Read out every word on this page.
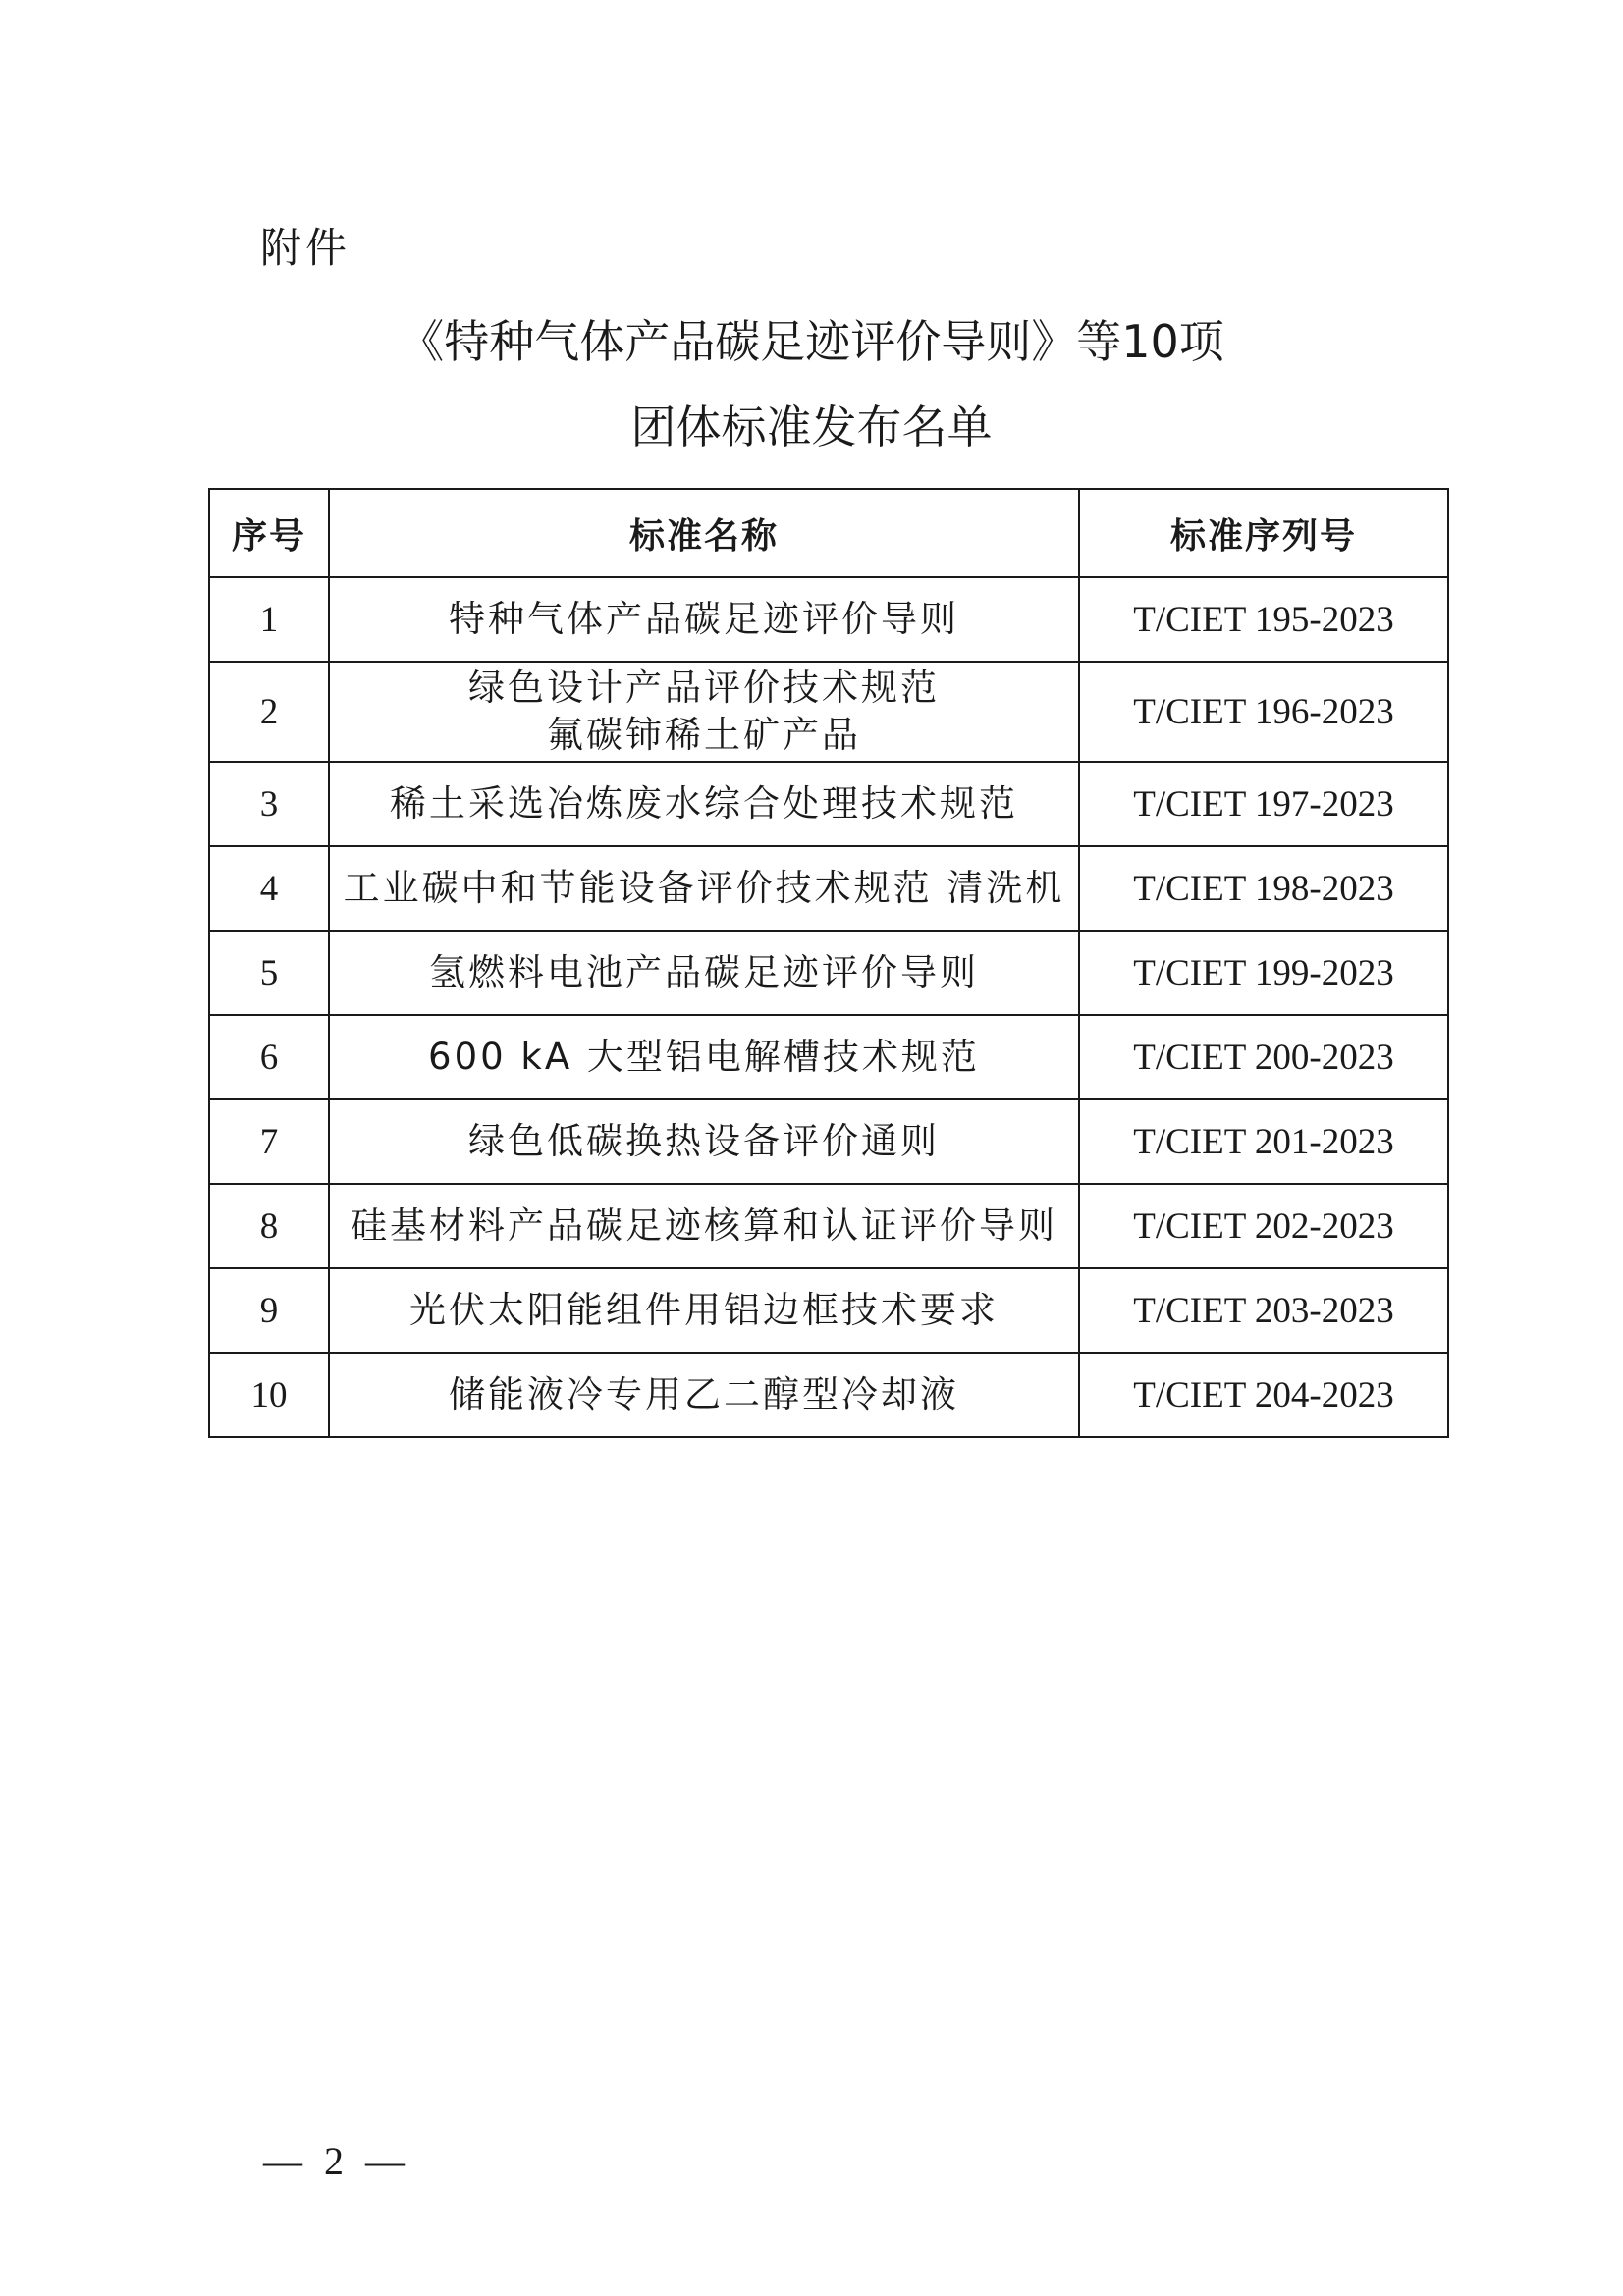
附件
《特种气体产品碳足迹评价导则》等10项
团体标准发布名单
序号	标准名称	标准序列号
1	特种气体产品碳足迹评价导则	T/CIET 195-2023
2	绿色设计产品评价技术规范
氟碳铈稀土矿产品	T/CIET 196-2023
3	稀土采选冶炼废水综合处理技术规范	T/CIET 197-2023
4	工业碳中和节能设备评价技术规范 清洗机	T/CIET 198-2023
5	氢燃料电池产品碳足迹评价导则	T/CIET 199-2023
6	600 kA 大型铝电解槽技术规范	T/CIET 200-2023
7	绿色低碳换热设备评价通则	T/CIET 201-2023
8	硅基材料产品碳足迹核算和认证评价导则	T/CIET 202-2023
9	光伏太阳能组件用铝边框技术要求	T/CIET 203-2023
10	储能液冷专用乙二醇型冷却液	T/CIET 204-2023
— 2 —
